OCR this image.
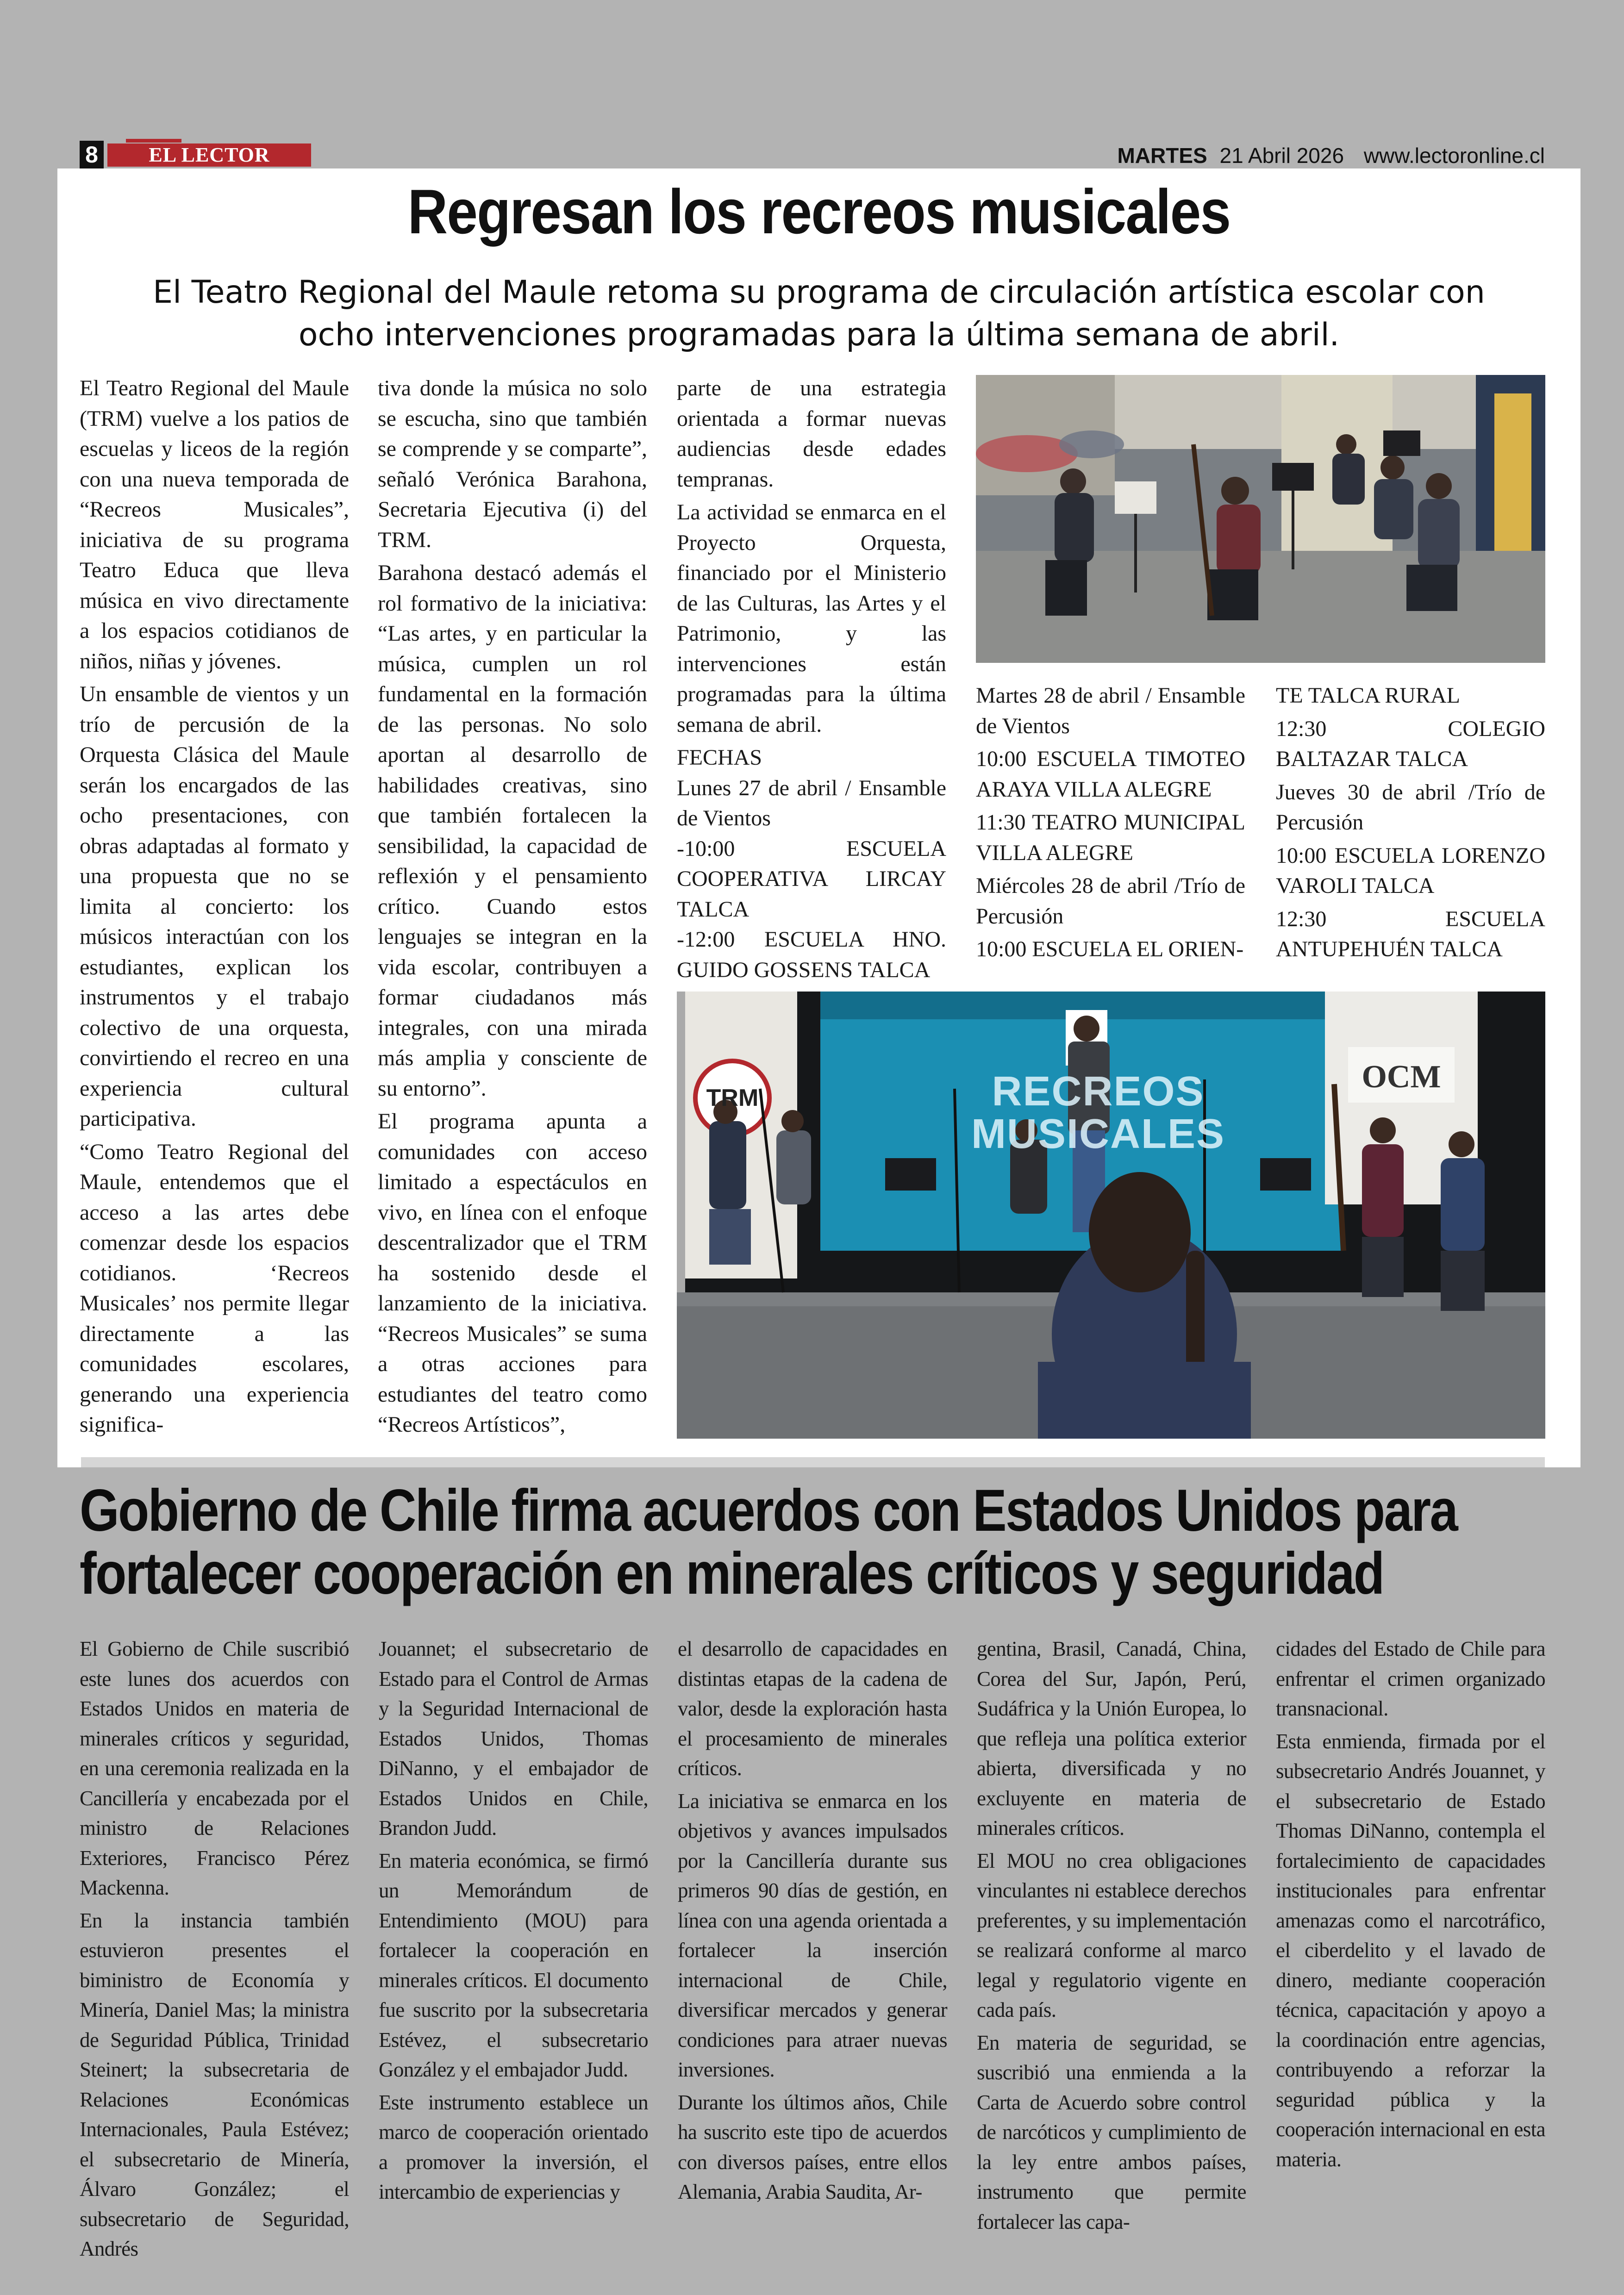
8	EL LECTOR	MARTES 21 Abril 2026 www.lectoronline.cl
Regresan los recreos musicales
El Teatro Regional del Maule retoma su programa de circulación artística escolar con ocho intervenciones programadas para la última semana de abril.

El Teatro Regional del Maule (TRM) vuelve a los patios de escuelas y liceos de la región con una nueva temporada de “Recreos Musicales”, iniciativa de su programa Teatro Educa que lleva música en vivo directamente a los espacios cotidianos de niños, niñas y jóvenes.

Un ensamble de vientos y un trío de percusión de la Orquesta Clásica del Maule serán los encargados de las ocho presentaciones, con obras adaptadas al formato y una propuesta que no se limita al concierto: los músicos interactúan con los estudiantes, explican los instrumentos y el trabajo colectivo de una orquesta, convirtiendo el recreo en una experiencia cultural participativa.

“Como Teatro Regional del Maule, entendemos que el acceso a las artes debe comenzar desde los espacios cotidianos. ‘Recreos Musicales’ nos permite llegar directamente a las comunidades escolares, generando una experiencia significa-

tiva donde la música no solo se escucha, sino que también se comprende y se comparte”, señaló Verónica Barahona, Secretaria Ejecutiva (i) del TRM.

Barahona destacó además el rol formativo de la iniciativa: “Las artes, y en particular la música, cumplen un rol fundamental en la formación de las personas. No solo aportan al desarrollo de habilidades creativas, sino que también fortalecen la sensibilidad, la capacidad de reflexión y el pensamiento crítico. Cuando estos lenguajes se integran en la vida escolar, contribuyen a formar ciudadanos más integrales, con una mirada más amplia y consciente de su entorno”.

El programa apunta a comunidades con acceso limitado a espectáculos en vivo, en línea con el enfoque descentralizador que el TRM ha sostenido desde el lanzamiento de la iniciativa. “Recreos Musicales” se suma a otras acciones para estudiantes del teatro como “Recreos Artísticos”,

parte de una estrategia orientada a formar nuevas audiencias desde edades tempranas.

La actividad se enmarca en el Proyecto Orquesta, financiado por el Ministerio de las Culturas, las Artes y el Patrimonio, y las intervenciones están programadas para la última semana de abril.

FECHAS

Lunes 27 de abril / Ensamble de Vientos

-10:00 ESCUELA COOPERATIVA LIRCAY TALCA

-12:00 ESCUELA HNO. GUIDO GOSSENS TALCA

Martes 28 de abril / Ensamble de Vientos

10:00 ESCUELA TIMOTEO ARAYA VILLA ALEGRE

11:30 TEATRO MUNICIPAL VILLA ALEGRE

Miércoles 28 de abril /Trío de Percusión

10:00 ESCUELA EL ORIEN-

TE TALCA RURAL

12:30 COLEGIO BALTAZAR TALCA

Jueves 30 de abril /Trío de Percusión

10:00 ESCUELA LORENZO VAROLI TALCA

12:30 ESCUELA ANTUPEHUÉN TALCA

RECREOS MUSICALES
TRM
OCM
Gobierno de Chile firma acuerdos con Estados Unidos para
fortalecer cooperación en minerales críticos y seguridad

El Gobierno de Chile suscribió este lunes dos acuerdos con Estados Unidos en materia de minerales críticos y seguridad, en una ceremonia realizada en la Cancillería y encabezada por el ministro de Relaciones Exteriores, Francisco Pérez Mackenna.

En la instancia también estuvieron presentes el biministro de Economía y Minería, Daniel Mas; la ministra de Seguridad Pública, Trinidad Steinert; la subsecretaria de Relaciones Económicas Internacionales, Paula Estévez; el subsecretario de Minería, Álvaro González; el subsecretario de Seguridad, Andrés

Jouannet; el subsecretario de Estado para el Control de Armas y la Seguridad Internacional de Estados Unidos, Thomas DiNanno, y el embajador de Estados Unidos en Chile, Brandon Judd.

En materia económica, se firmó un Memorándum de Entendimiento (MOU) para fortalecer la cooperación en minerales críticos. El documento fue suscrito por la subsecretaria Estévez, el subsecretario González y el embajador Judd.

Este instrumento establece un marco de cooperación orientado a promover la inversión, el intercambio de experiencias y

el desarrollo de capacidades en distintas etapas de la cadena de valor, desde la exploración hasta el procesamiento de minerales críticos.

La iniciativa se enmarca en los objetivos y avances impulsados por la Cancillería durante sus primeros 90 días de gestión, en línea con una agenda orientada a fortalecer la inserción internacional de Chile, diversificar mercados y generar condiciones para atraer nuevas inversiones.

Durante los últimos años, Chile ha suscrito este tipo de acuerdos con diversos países, entre ellos Alemania, Arabia Saudita, Ar-

gentina, Brasil, Canadá, China, Corea del Sur, Japón, Perú, Sudáfrica y la Unión Europea, lo que refleja una política exterior abierta, diversificada y no excluyente en materia de minerales críticos.

El MOU no crea obligaciones vinculantes ni establece derechos preferentes, y su implementación se realizará conforme al marco legal y regulatorio vigente en cada país.

En materia de seguridad, se suscribió una enmienda a la Carta de Acuerdo sobre control de narcóticos y cumplimiento de la ley entre ambos países, instrumento que permite fortalecer las capa-

cidades del Estado de Chile para enfrentar el crimen organizado transnacional.

Esta enmienda, firmada por el subsecretario Andrés Jouannet, y el subsecretario de Estado Thomas DiNanno, contempla el fortalecimiento de capacidades institucionales para enfrentar amenazas como el narcotráfico, el ciberdelito y el lavado de dinero, mediante cooperación técnica, capacitación y apoyo a la coordinación entre agencias, contribuyendo a reforzar la seguridad pública y la cooperación internacional en esta materia.
